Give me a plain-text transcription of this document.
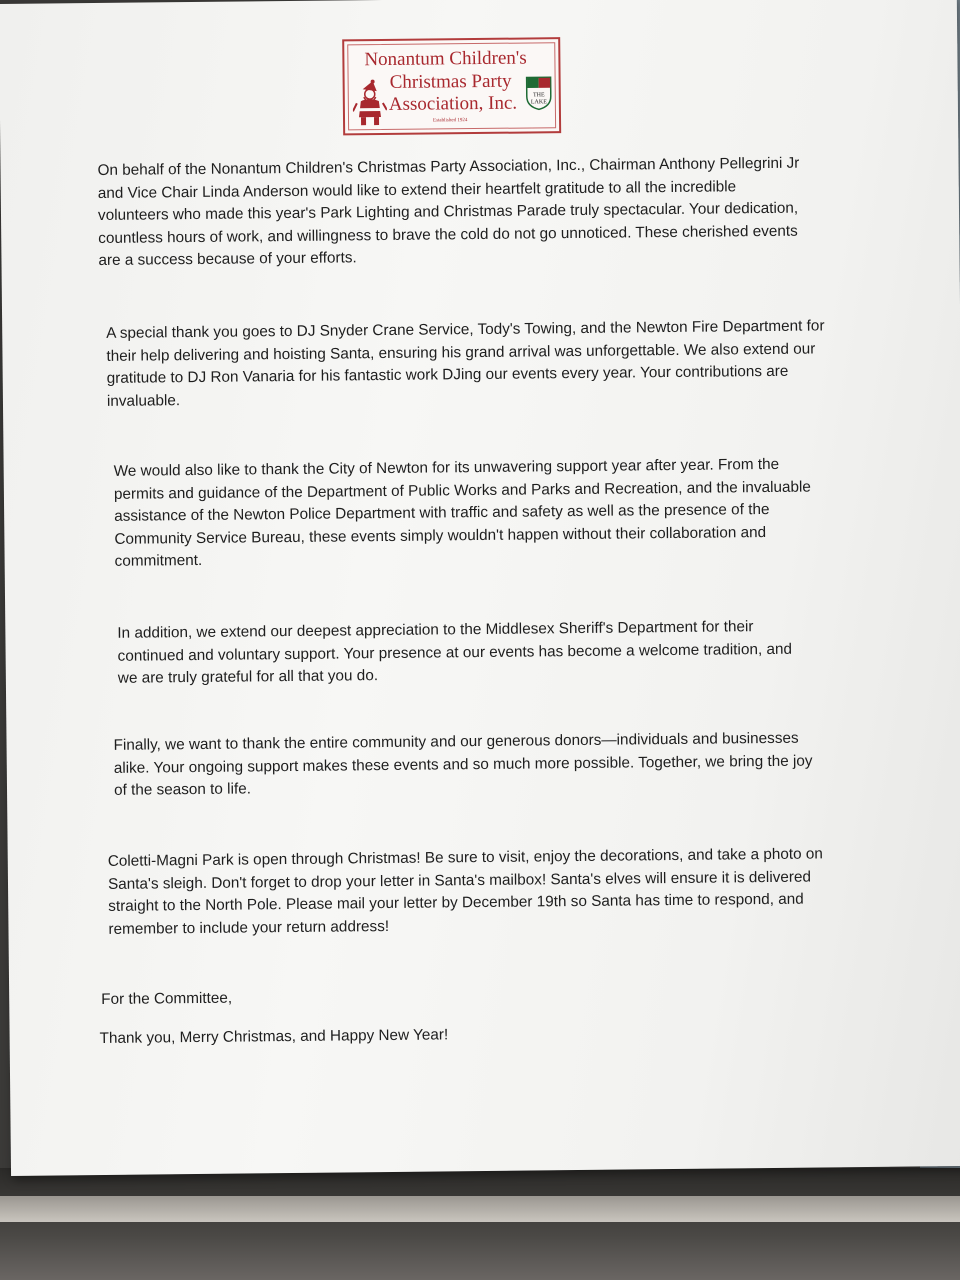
Nonantum Children's
Christmas Party
Association, Inc.
Established 1924
THE
LAKE
On behalf of the Nonantum Children's Christmas Party Association, Inc., Chairman Anthony Pellegrini Jr and Vice Chair Linda Anderson would like to extend their heartfelt gratitude to all the incredible volunteers who made this year's Park Lighting and Christmas Parade truly spectacular. Your dedication, countless hours of work, and willingness to brave the cold do not go unnoticed. These cherished events are a success because of your efforts.
A special thank you goes to DJ Snyder Crane Service, Tody's Towing, and the Newton Fire Department for their help delivering and hoisting Santa, ensuring his grand arrival was unforgettable. We also extend our gratitude to DJ Ron Vanaria for his fantastic work DJing our events every year. Your contributions are invaluable.
We would also like to thank the City of Newton for its unwavering support year after year. From the permits and guidance of the Department of Public Works and Parks and Recreation, and the invaluable assistance of the Newton Police Department with traffic and safety as well as the presence of the Community Service Bureau, these events simply wouldn't happen without their collaboration and commitment.
In addition, we extend our deepest appreciation to the Middlesex Sheriff's Department for their continued and voluntary support. Your presence at our events has become a welcome tradition, and we are truly grateful for all that you do.
Finally, we want to thank the entire community and our generous donors—individuals and businesses alike. Your ongoing support makes these events and so much more possible. Together, we bring the joy of the season to life.
Coletti-Magni Park is open through Christmas! Be sure to visit, enjoy the decorations, and take a photo on Santa's sleigh. Don't forget to drop your letter in Santa's mailbox! Santa's elves will ensure it is delivered straight to the North Pole. Please mail your letter by December 19th so Santa has time to respond, and remember to include your return address!
For the Committee,
Thank you, Merry Christmas, and Happy New Year!
